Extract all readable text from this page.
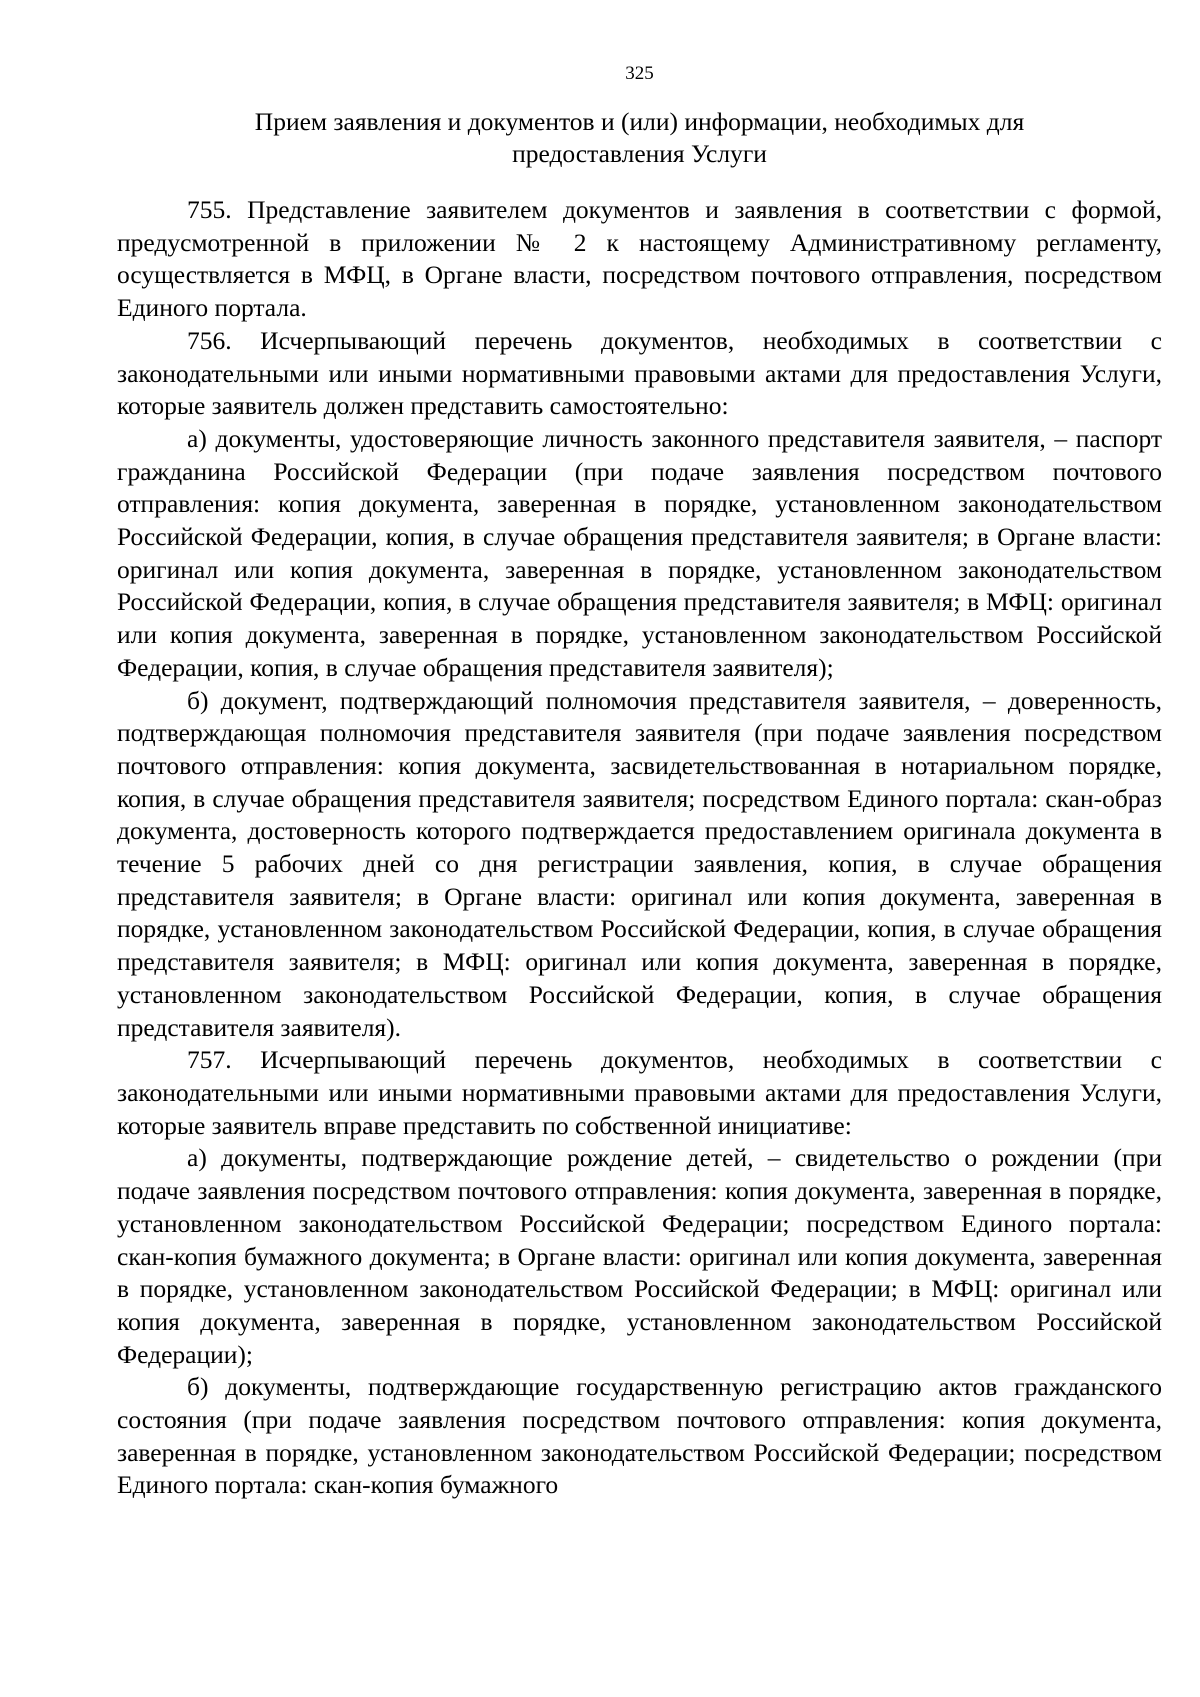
325
Прием заявления и документов и (или) информации, необходимых для
предоставления Услуги

755. Представление заявителем документов и заявления в соответствии с формой, предусмотренной в приложении № 2 к настоящему Административному регламенту, осуществляется в МФЦ, в Органе власти, посредством почтового отправления, посредством Единого портала.

756. Исчерпывающий перечень документов, необходимых в соответствии с законодательными или иными нормативными правовыми актами для предоставления Услуги, которые заявитель должен представить самостоятельно:

а) документы, удостоверяющие личность законного представителя заявителя, – паспорт гражданина Российской Федерации (при подаче заявления посредством почтового отправления: копия документа, заверенная в порядке, установленном законодательством Российской Федерации, копия, в случае обращения представителя заявителя; в Органе власти: оригинал или копия документа, заверенная в порядке, установленном законодательством Российской Федерации, копия, в случае обращения представителя заявителя; в МФЦ: оригинал или копия документа, заверенная в порядке, установленном законодательством Российской Федерации, копия, в случае обращения представителя заявителя);

б) документ, подтверждающий полномочия представителя заявителя, – доверенность, подтверждающая полномочия представителя заявителя (при подаче заявления посредством почтового отправления: копия документа, засвидетельствованная в нотариальном порядке, копия, в случае обращения представителя заявителя; посредством Единого портала: скан-образ документа, достоверность которого подтверждается предоставлением оригинала документа в течение 5 рабочих дней со дня регистрации заявления, копия, в случае обращения представителя заявителя; в Органе власти: оригинал или копия документа, заверенная в порядке, установленном законодательством Российской Федерации, копия, в случае обращения представителя заявителя; в МФЦ: оригинал или копия документа, заверенная в порядке, установленном законодательством Российской Федерации, копия, в случае обращения представителя заявителя).

757. Исчерпывающий перечень документов, необходимых в соответствии с законодательными или иными нормативными правовыми актами для предоставления Услуги, которые заявитель вправе представить по собственной инициативе:

а) документы, подтверждающие рождение детей, – свидетельство о рождении (при подаче заявления посредством почтового отправления: копия документа, заверенная в порядке, установленном законодательством Российской Федерации; посредством Единого портала: скан-копия бумажного документа; в Органе власти: оригинал или копия документа, заверенная в порядке, установленном законодательством Российской Федерации; в МФЦ: оригинал или копия документа, заверенная в порядке, установленном законодательством Российской Федерации);

б) документы, подтверждающие государственную регистрацию актов гражданского состояния (при подаче заявления посредством почтового отправления: копия документа, заверенная в порядке, установленном законодательством Российской Федерации; посредством Единого портала: скан-копия бумажного
